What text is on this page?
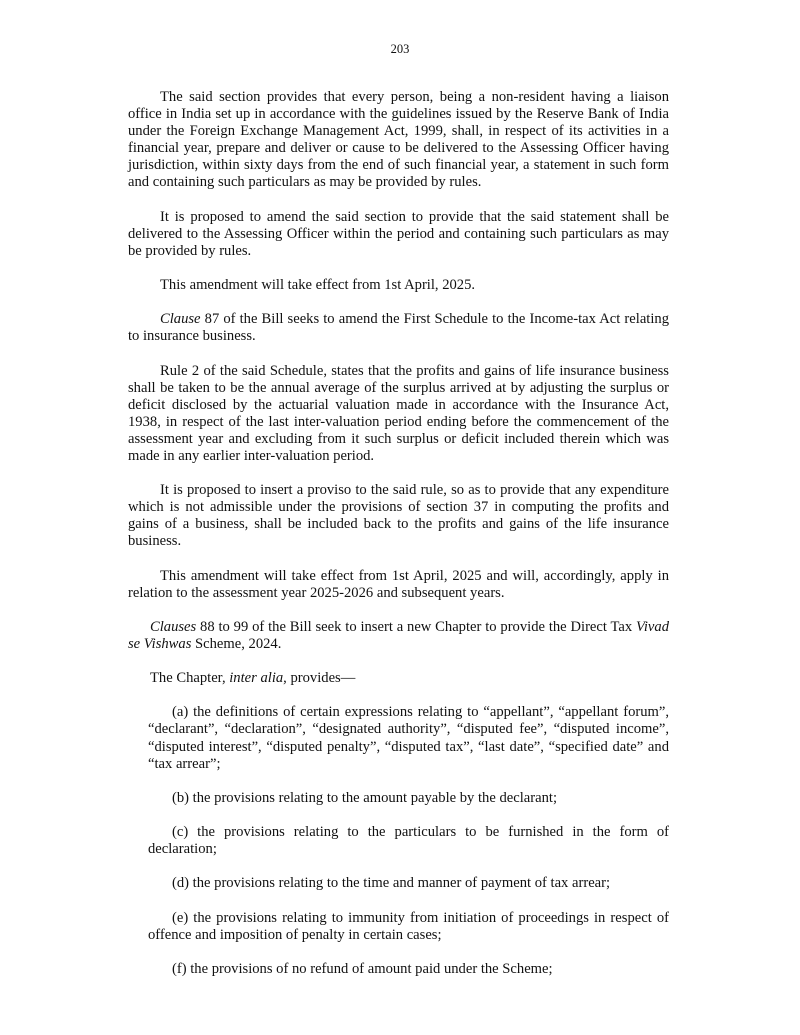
203

The said section provides that every person, being a non-resident having a liaison office in India set up in accordance with the guidelines issued by the Reserve Bank of India under the Foreign Exchange Management Act, 1999, shall, in respect of its activities in a financial year, prepare and deliver or cause to be delivered to the Assessing Officer having jurisdiction, within sixty days from the end of such financial year, a statement in such form and containing such particulars as may be provided by rules.

It is proposed to amend the said section to provide that the said statement shall be delivered to the Assessing Officer within the period and containing such particulars as may be provided by rules.

This amendment will take effect from 1st April, 2025.

Clause 87 of the Bill seeks to amend the First Schedule to the Income-tax Act relating to insurance business.

Rule 2 of the said Schedule, states that the profits and gains of life insurance business shall be taken to be the annual average of the surplus arrived at by adjusting the surplus or deficit disclosed by the actuarial valuation made in accordance with the Insurance Act, 1938, in respect of the last inter-valuation period ending before the commencement of the assessment year and excluding from it such surplus or deficit included therein which was made in any earlier inter-valuation period.

It is proposed to insert a proviso to the said rule, so as to provide that any expenditure which is not admissible under the provisions of section 37 in computing the profits and gains of a business, shall be included back to the profits and gains of the life insurance business.

This amendment will take effect from 1st April, 2025 and will, accordingly, apply in relation to the assessment year 2025-2026 and subsequent years.

Clauses 88 to 99 of the Bill seek to insert a new Chapter to provide the Direct Tax Vivad se Vishwas Scheme, 2024.

The Chapter, inter alia, provides—

(a) the definitions of certain expressions relating to “appellant”, “appellant forum”, “declarant”, “declaration”, “designated authority”, “disputed fee”, “disputed income”, “disputed interest”, “disputed penalty”, “disputed tax”, “last date”, “specified date” and “tax arrear”;

(b) the provisions relating to the amount payable by the declarant;

(c) the provisions relating to the particulars to be furnished in the form of declaration;

(d) the provisions relating to the time and manner of payment of tax arrear;

(e) the provisions relating to immunity from initiation of proceedings in respect of offence and imposition of penalty in certain cases;

(f) the provisions of no refund of amount paid under the Scheme;
